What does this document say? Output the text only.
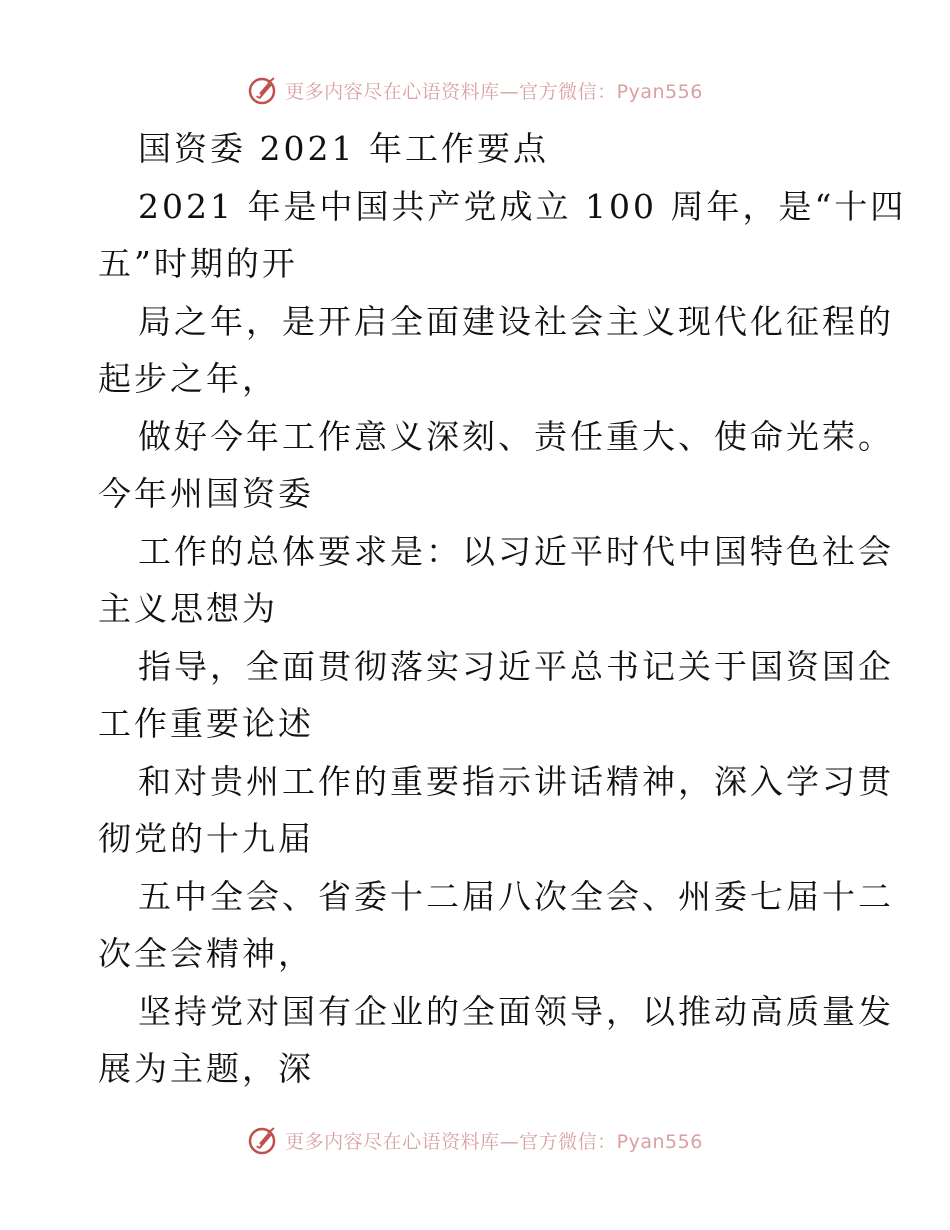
更多内容尽在心语资料库—官方微信：Pyan556
国资委 2021 年工作要点
2021 年是中国共产党成立 100 周年，是“十四
五”时期的开
局之年，是开启全面建设社会主义现代化征程的
起步之年，
做好今年工作意义深刻、责任重大、使命光荣。
今年州国资委
工作的总体要求是：以习近平时代中国特色社会
主义思想为
指导，全面贯彻落实习近平总书记关于国资国企
工作重要论述
和对贵州工作的重要指示讲话精神，深入学习贯
彻党的十九届
五中全会、省委十二届八次全会、州委七届十二
次全会精神，
坚持党对国有企业的全面领导，以推动高质量发
展为主题，深
更多内容尽在心语资料库—官方微信：Pyan556
